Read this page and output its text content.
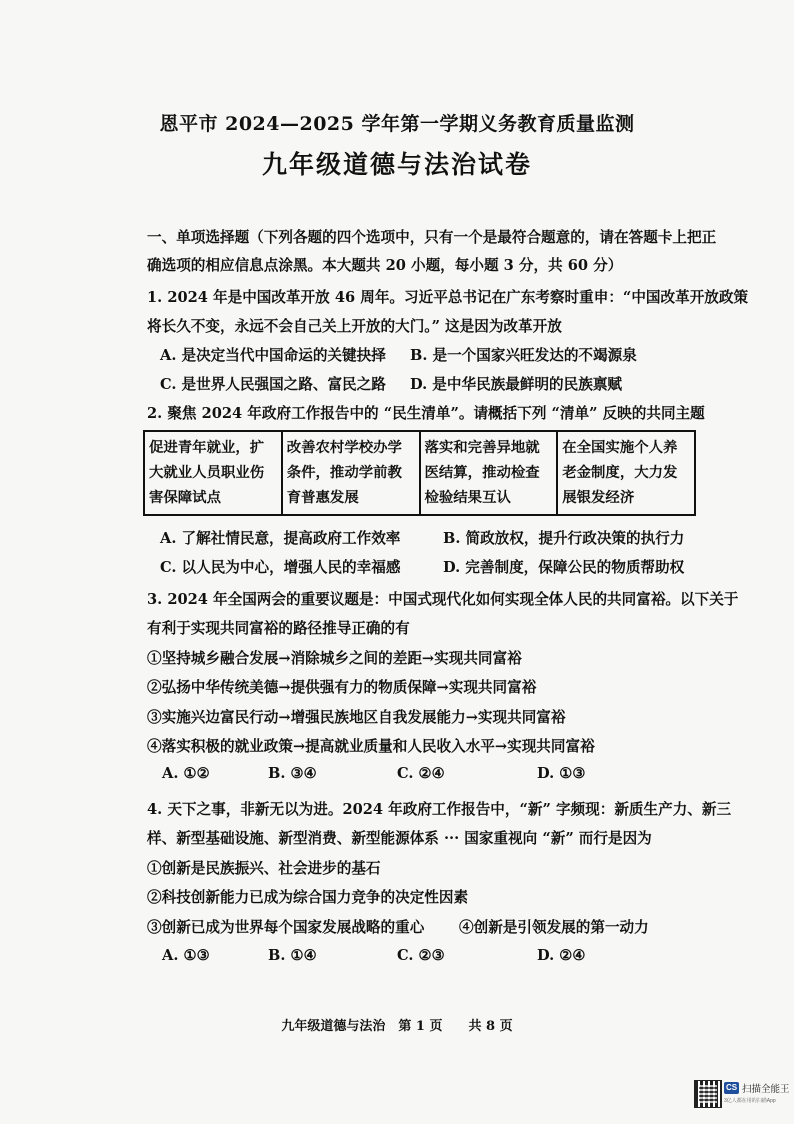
恩平市 2024—2025 学年第一学期义务教育质量监测
九年级道德与法治试卷
一、单项选择题（下列各题的四个选项中，只有一个是最符合题意的，请在答题卡上把正
确选项的相应信息点涂黑。本大题共 20 小题，每小题 3 分，共 60 分）
1. 2024 年是中国改革开放 46 周年。习近平总书记在广东考察时重申：“中国改革开放政策
将长久不变，永远不会自己关上开放的大门。” 这是因为改革开放
A. 是决定当代中国命运的关键抉择 B. 是一个国家兴旺发达的不竭源泉
C. 是世界人民强国之路、富民之路 D. 是中华民族最鲜明的民族禀赋
2. 聚焦 2024 年政府工作报告中的 “民生清单”。请概括下列 “清单” 反映的共同主题
促进青年就业，扩大就业人员职业伤害保障试点	改善农村学校办学条件，推动学前教育普惠发展	落实和完善异地就医结算，推动检查检验结果互认	在全国实施个人养老金制度，大力发展银发经济
A. 了解社情民意，提高政府工作效率	B. 简政放权，提升行政决策的执行力
C. 以人民为中心，增强人民的幸福感	D. 完善制度，保障公民的物质帮助权
3. 2024 年全国两会的重要议题是：中国式现代化如何实现全体人民的共同富裕。以下关于
有利于实现共同富裕的路径推导正确的有
①坚持城乡融合发展→消除城乡之间的差距→实现共同富裕
②弘扬中华传统美德→提供强有力的物质保障→实现共同富裕
③实施兴边富民行动→增强民族地区自我发展能力→实现共同富裕
④落实积极的就业政策→提高就业质量和人民收入水平→实现共同富裕
A. ①②	B. ③④	C. ②④	D. ①③
4. 天下之事，非新无以为进。2024 年政府工作报告中，“新” 字频现：新质生产力、新三
样、新型基础设施、新型消费、新型能源体系 ··· 国家重视向 “新” 而行是因为
①创新是民族振兴、社会进步的基石
②科技创新能力已成为综合国力竞争的决定性因素
③创新已成为世界每个国家发展战略的重心 ④创新是引领发展的第一动力
A. ①③	B. ①④	C. ②③	D. ②④
九年级道德与法治　第 1 页　　共 8 页
CS 扫描全能王
3亿人都在用的扫描App
